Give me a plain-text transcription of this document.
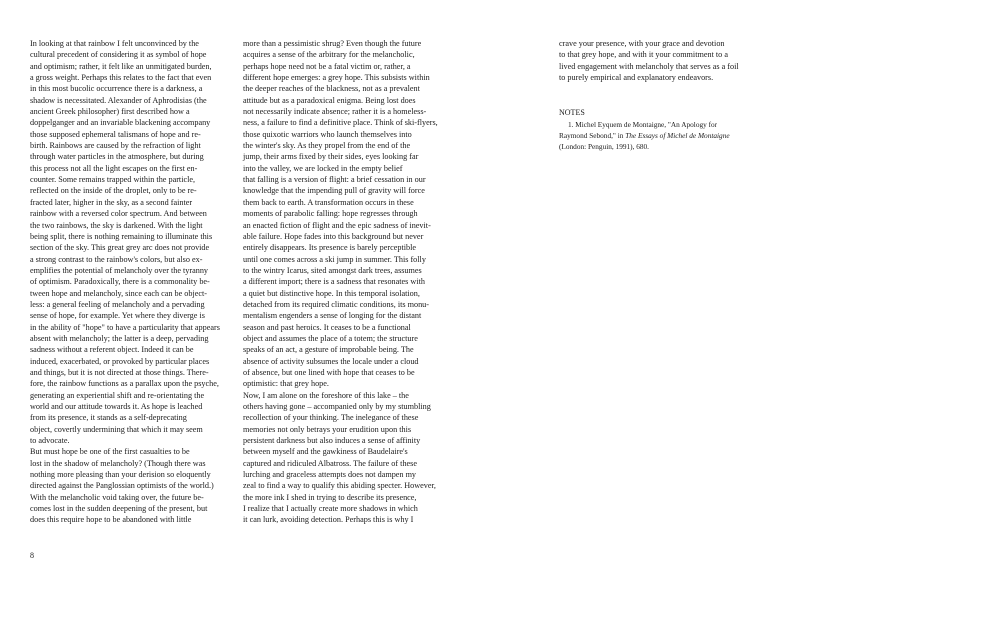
In looking at that rainbow I felt unconvinced by the
cultural precedent of considering it as symbol of hope
and optimism; rather, it felt like an unmitigated burden,
a gross weight. Perhaps this relates to the fact that even
in this most bucolic occurrence there is a darkness, a
shadow is necessitated. Alexander of Aphrodisias (the
ancient Greek philosopher) first described how a
doppelganger and an invariable blackening accompany
those supposed ephemeral talismans of hope and re-
birth. Rainbows are caused by the refraction of light
through water particles in the atmosphere, but during
this process not all the light escapes on the first en-
counter. Some remains trapped within the particle,
reflected on the inside of the droplet, only to be re-
fracted later, higher in the sky, as a second fainter
rainbow with a reversed color spectrum. And between
the two rainbows, the sky is darkened. With the light
being split, there is nothing remaining to illuminate this
section of the sky. This great grey arc does not provide
a strong contrast to the rainbow's colors, but also ex-
emplifies the potential of melancholy over the tyranny
of optimism. Paradoxically, there is a commonality be-
tween hope and melancholy, since each can be object-
less: a general feeling of melancholy and a pervading
sense of hope, for example. Yet where they diverge is
in the ability of "hope" to have a particularity that appears
absent with melancholy; the latter is a deep, pervading
sadness without a referent object. Indeed it can be
induced, exacerbated, or provoked by particular places
and things, but it is not directed at those things. There-
fore, the rainbow functions as a parallax upon the psyche,
generating an experiential shift and re-orientating the
world and our attitude towards it. As hope is leached
from its presence, it stands as a self-deprecating
object, covertly undermining that which it may seem
to advocate.
But must hope be one of the first casualties to be
lost in the shadow of melancholy? (Though there was
nothing more pleasing than your derision so eloquently
directed against the Panglossian optimists of the world.)
With the melancholic void taking over, the future be-
comes lost in the sudden deepening of the present, but
does this require hope to be abandoned with little
more than a pessimistic shrug? Even though the future
acquires a sense of the arbitrary for the melancholic,
perhaps hope need not be a fatal victim or, rather, a
different hope emerges: a grey hope. This subsists within
the deeper reaches of the blackness, not as a prevalent
attitude but as a paradoxical enigma. Being lost does
not necessarily indicate absence; rather it is a homeless-
ness, a failure to find a definitive place. Think of ski-flyers,
those quixotic warriors who launch themselves into
the winter's sky. As they propel from the end of the
jump, their arms fixed by their sides, eyes looking far
into the valley, we are locked in the empty belief
that falling is a version of flight: a brief cessation in our
knowledge that the impending pull of gravity will force
them back to earth. A transformation occurs in these
moments of parabolic falling: hope regresses through
an enacted fiction of flight and the epic sadness of inevit-
able failure. Hope fades into this background but never
entirely disappears. Its presence is barely perceptible
until one comes across a ski jump in summer. This folly
to the wintry Icarus, sited amongst dark trees, assumes
a different import; there is a sadness that resonates with
a quiet but distinctive hope. In this temporal isolation,
detached from its required climatic conditions, its monu-
mentalism engenders a sense of longing for the distant
season and past heroics. It ceases to be a functional
object and assumes the place of a totem; the structure
speaks of an act, a gesture of improbable being. The
absence of activity subsumes the locale under a cloud
of absence, but one lined with hope that ceases to be
optimistic: that grey hope.
Now, I am alone on the foreshore of this lake – the
others having gone – accompanied only by my stumbling
recollection of your thinking. The inelegance of these
memories not only betrays your erudition upon this
persistent darkness but also induces a sense of affinity
between myself and the gawkiness of Baudelaire's
captured and ridiculed Albatross. The failure of these
lurching and graceless attempts does not dampen my
zeal to find a way to qualify this abiding specter. However,
the more ink I shed in trying to describe its presence,
I realize that I actually create more shadows in which
it can lurk, avoiding detection. Perhaps this is why I
crave your presence, with your grace and devotion
to that grey hope, and with it your commitment to a
lived engagement with melancholy that serves as a foil
to purely empirical and explanatory endeavors.
NOTES
1. Michel Eyquem de Montaigne, "An Apology for
Raymond Sebond," in The Essays of Michel de Montaigne
(London: Penguin, 1991), 680.
8
